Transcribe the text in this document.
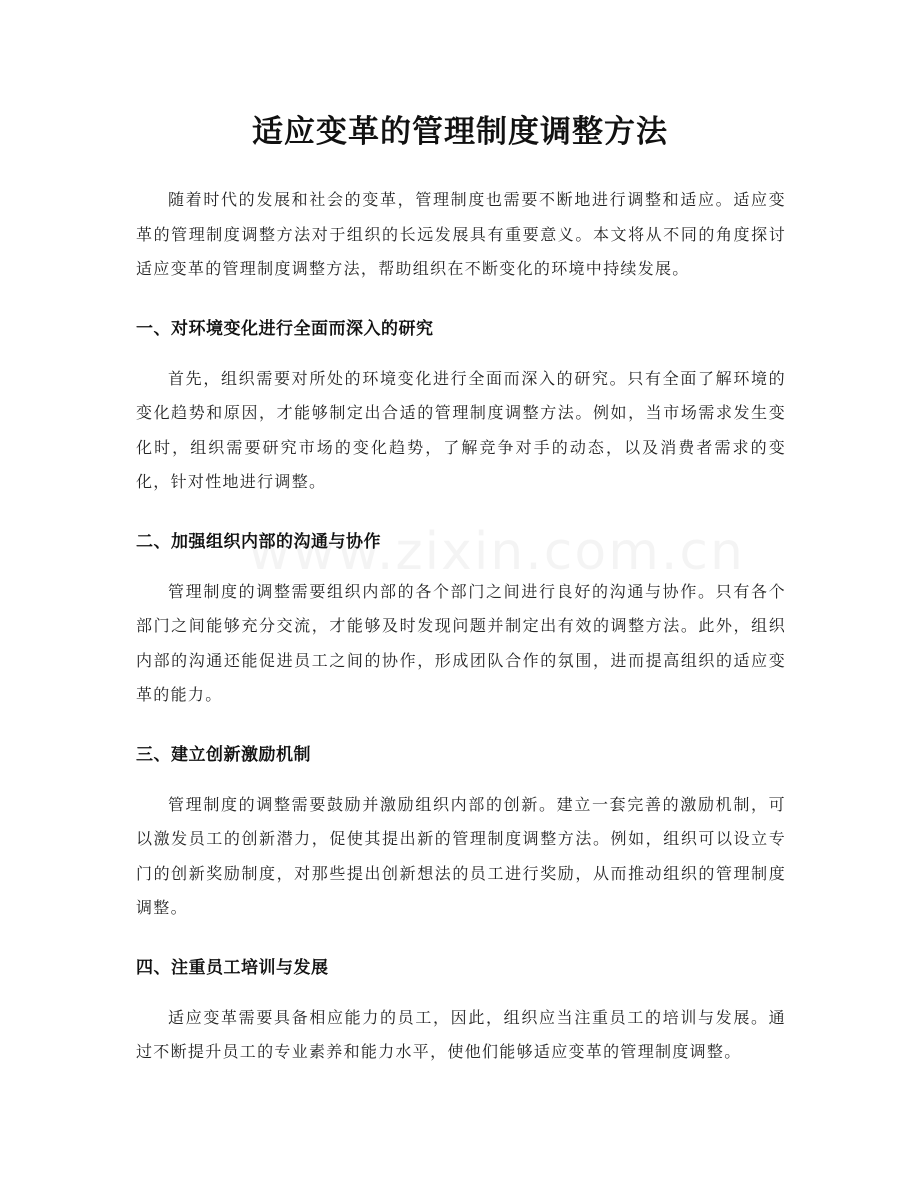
适应变革的管理制度调整方法

随着时代的发展和社会的变革，管理制度也需要不断地进行调整和适应。适应变革的管理制度调整方法对于组织的长远发展具有重要意义。本文将从不同的角度探讨适应变革的管理制度调整方法，帮助组织在不断变化的环境中持续发展。

一、对环境变化进行全面而深入的研究

首先，组织需要对所处的环境变化进行全面而深入的研究。只有全面了解环境的变化趋势和原因，才能够制定出合适的管理制度调整方法。例如，当市场需求发生变化时，组织需要研究市场的变化趋势，了解竞争对手的动态，以及消费者需求的变化，针对性地进行调整。

二、加强组织内部的沟通与协作

管理制度的调整需要组织内部的各个部门之间进行良好的沟通与协作。只有各个部门之间能够充分交流，才能够及时发现问题并制定出有效的调整方法。此外，组织内部的沟通还能促进员工之间的协作，形成团队合作的氛围，进而提高组织的适应变革的能力。

三、建立创新激励机制

管理制度的调整需要鼓励并激励组织内部的创新。建立一套完善的激励机制，可以激发员工的创新潜力，促使其提出新的管理制度调整方法。例如，组织可以设立专门的创新奖励制度，对那些提出创新想法的员工进行奖励，从而推动组织的管理制度调整。

四、注重员工培训与发展

适应变革需要具备相应能力的员工，因此，组织应当注重员工的培训与发展。通过不断提升员工的专业素养和能力水平，使他们能够适应变革的管理制度调整。
